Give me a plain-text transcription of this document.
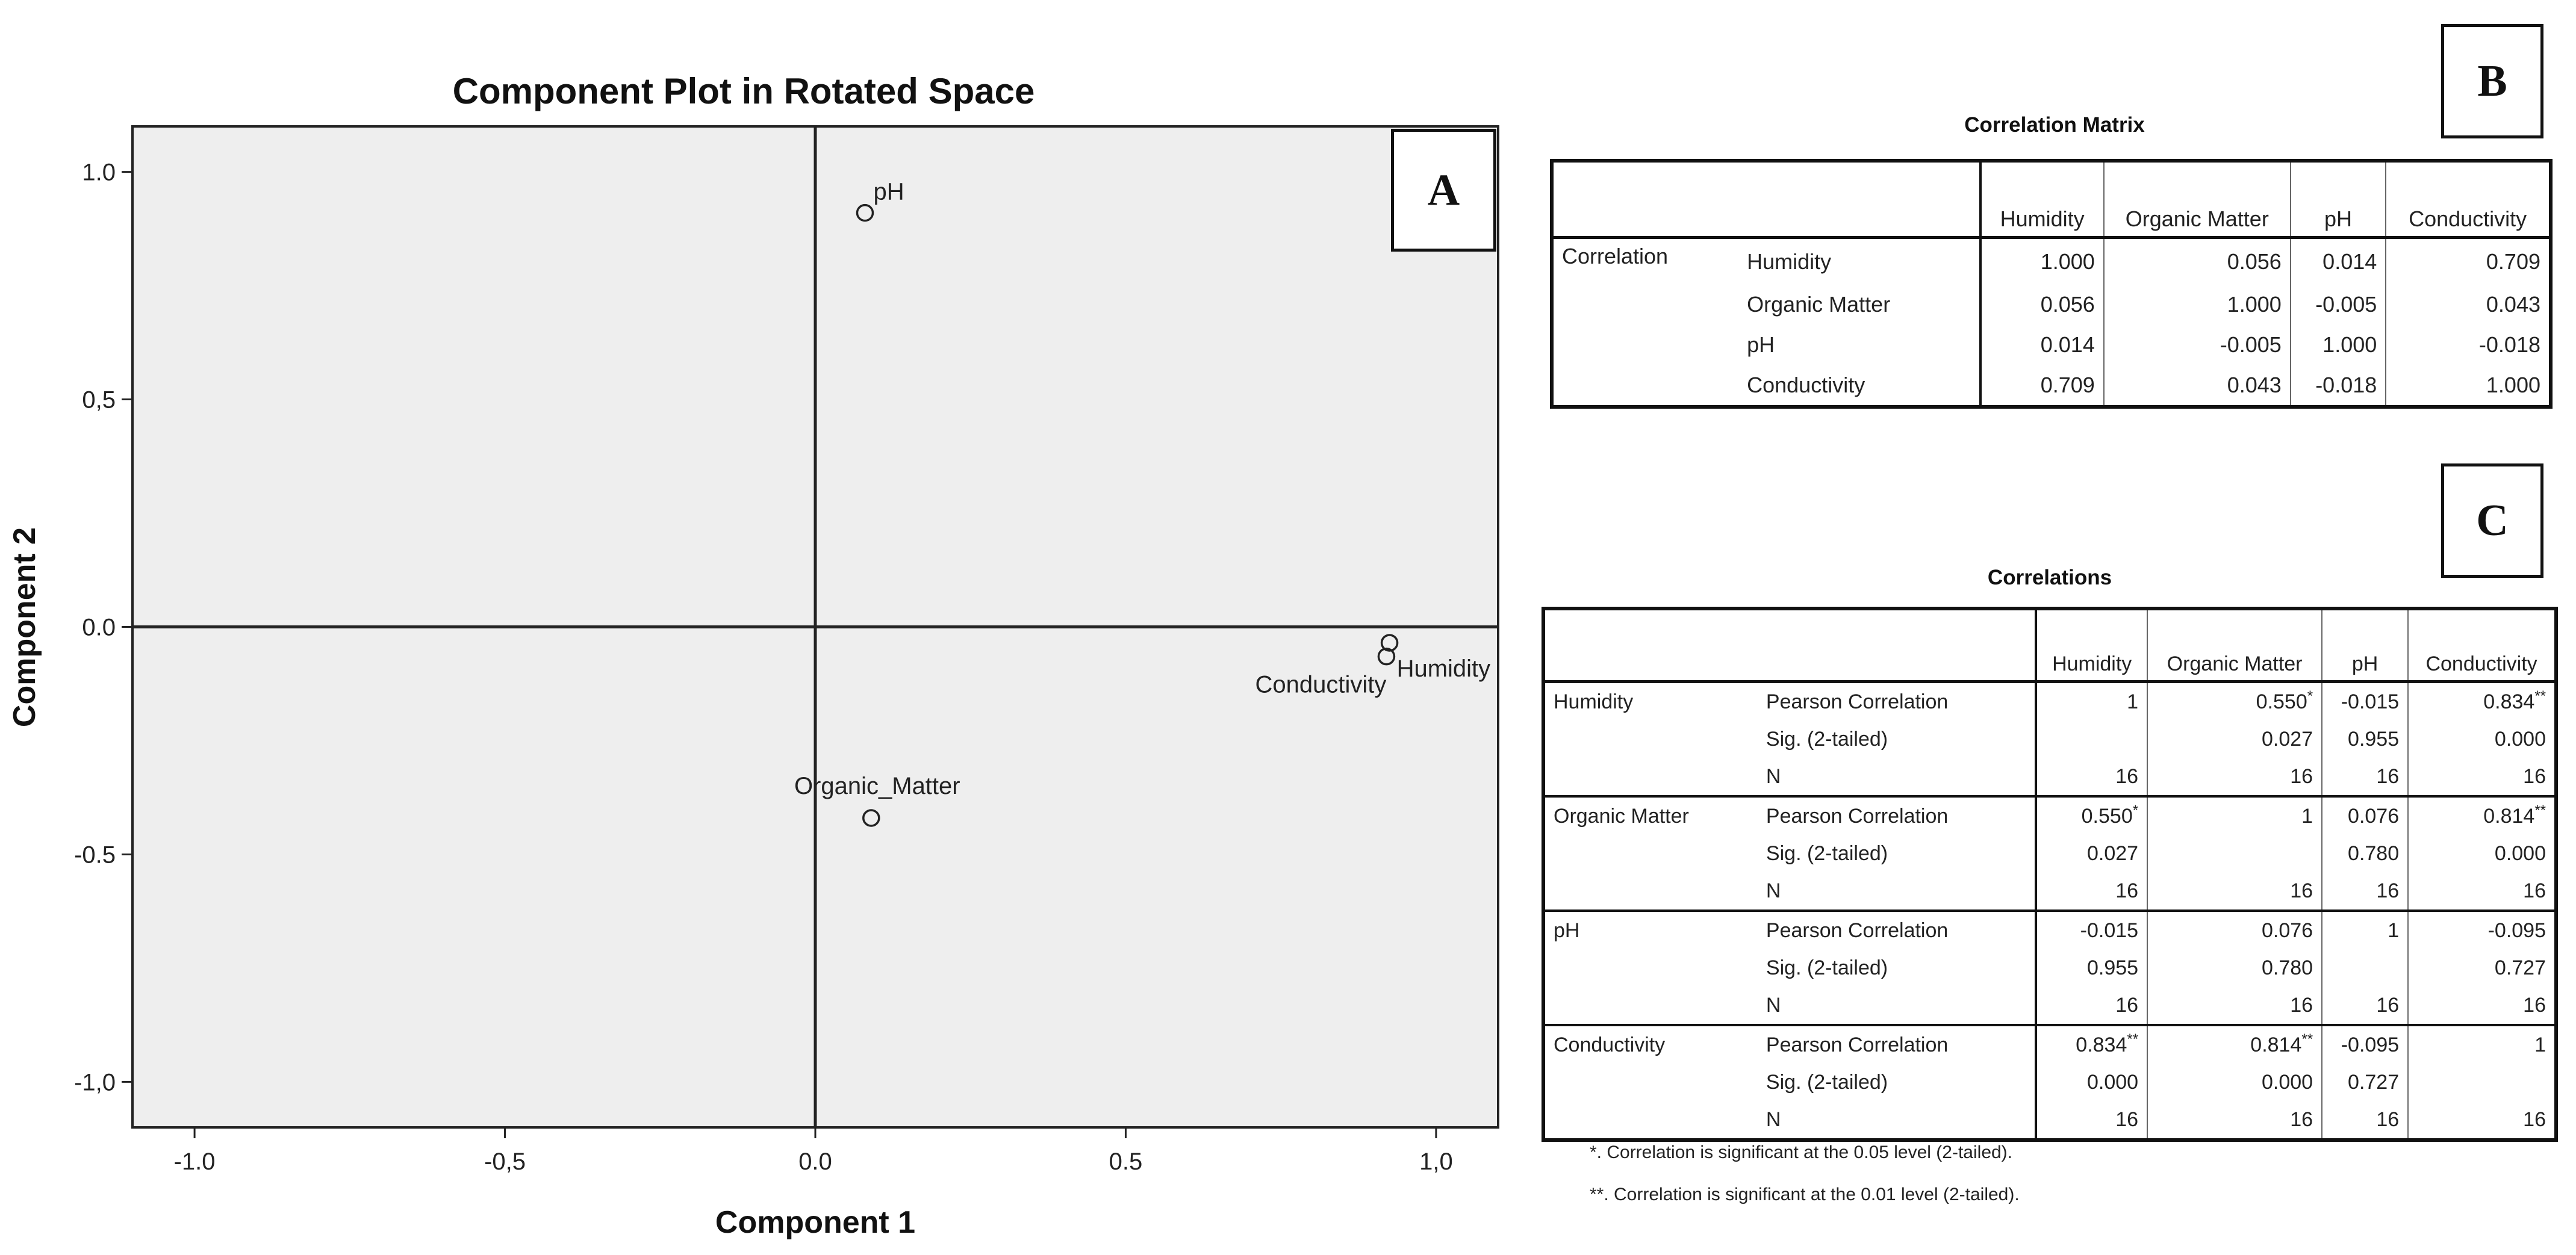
Component Plot in Rotated Space
-1.0	-0,5	0.0	0.5	1,0
1.0
0,5
0.0
-0.5
-1,0
pH
Humidity
Conductivity
Organic_Matter
Component 1
Component 2
A
B
C
Correlation Matrix
		Humidity	Organic Matter	pH	Conductivity
Correlation	Humidity	1.000	0.056	0.014	0.709
	Organic Matter	0.056	1.000	-0.005	0.043
	pH	0.014	-0.005	1.000	-0.018
	Conductivity	0.709	0.043	-0.018	1.000
Correlations
		Humidity	Organic Matter	pH	Conductivity
Humidity	Pearson Correlation	1	0.550*	-0.015	0.834**
	Sig. (2-tailed)		0.027	0.955	0.000
	N	16	16	16	16
Organic Matter	Pearson Correlation	0.550*	1	0.076	0.814**
	Sig. (2-tailed)	0.027		0.780	0.000
	N	16	16	16	16
pH	Pearson Correlation	-0.015	0.076	1	-0.095
	Sig. (2-tailed)	0.955	0.780		0.727
	N	16	16	16	16
Conductivity	Pearson Correlation	0.834**	0.814**	-0.095	1
	Sig. (2-tailed)	0.000	0.000	0.727	
	N	16	16	16	16
*. Correlation is significant at the 0.05 level (2-tailed).
**. Correlation is significant at the 0.01 level (2-tailed).
